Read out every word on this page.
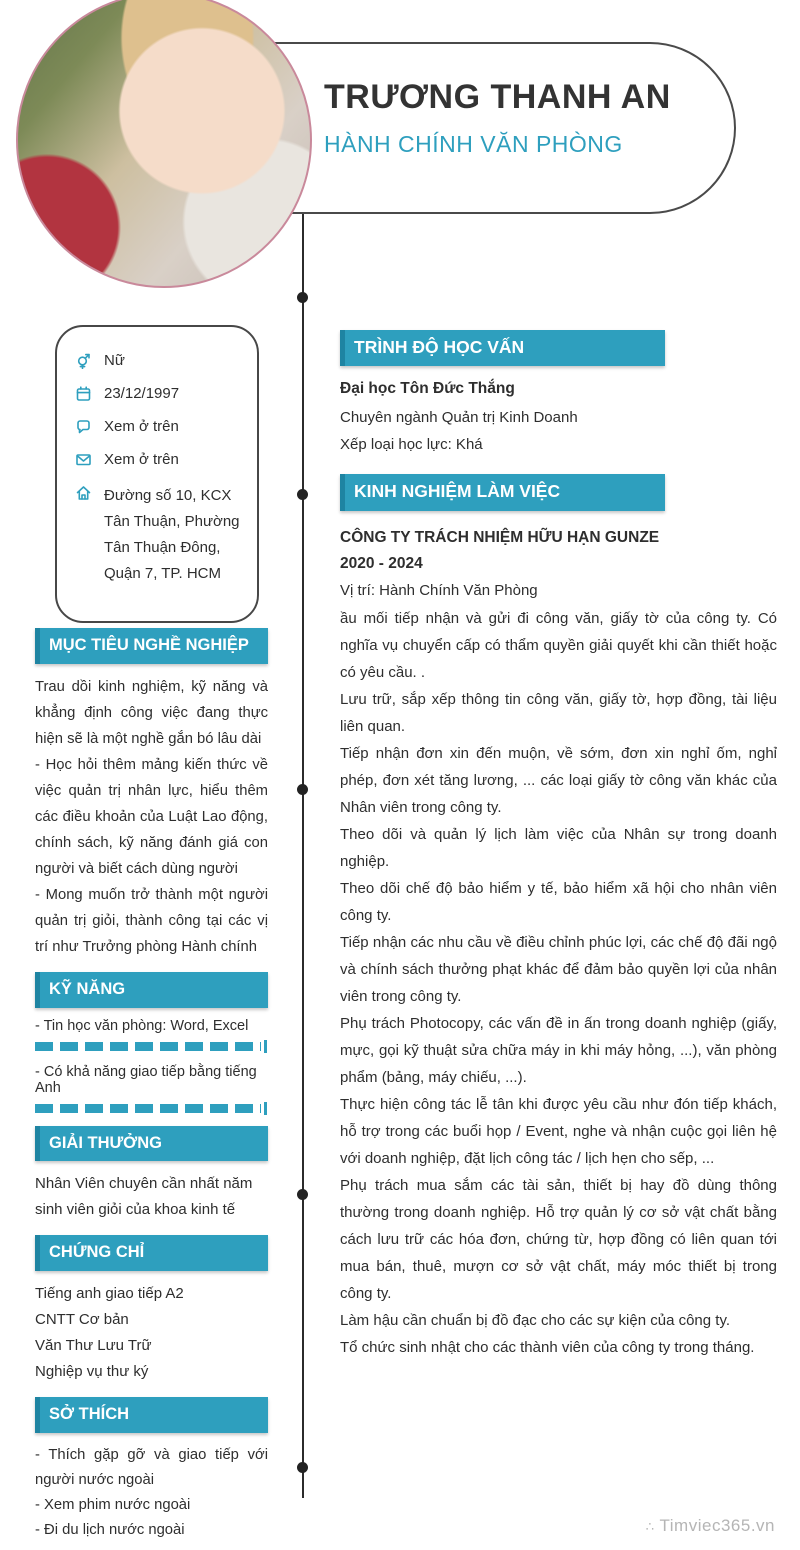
TRƯƠNG THANH AN
HÀNH CHÍNH VĂN PHÒNG
Nữ
23/12/1997
Xem ở trên
Xem ở trên
Đường số 10, KCX Tân Thuận, Phường Tân Thuận Đông, Quận 7, TP. HCM
MỤC TIÊU NGHỀ NGHIỆP
Trau dồi kinh nghiệm, kỹ năng và khẳng định công việc đang thực hiện sẽ là một nghề gắn bó lâu dài
- Học hỏi thêm mảng kiến thức về việc quản trị nhân lực, hiểu thêm các điều khoản của Luật Lao động, chính sách, kỹ năng đánh giá con người và biết cách dùng người
- Mong muốn trở thành một người quản trị giỏi, thành công tại các vị trí như Trưởng phòng Hành chính
KỸ NĂNG
- Tin học văn phòng: Word, Excel
- Có khả năng giao tiếp bằng tiếng Anh
GIẢI THƯỞNG
Nhân Viên chuyên cần nhất năm
sinh viên giỏi của khoa kinh tế
CHỨNG CHỈ
Tiếng anh giao tiếp A2
CNTT Cơ bản
Văn Thư Lưu Trữ
Nghiệp vụ thư ký
SỞ THÍCH
- Thích gặp gỡ và giao tiếp với người nước ngoài
- Xem phim nước ngoài
- Đi du lịch nước ngoài
TRÌNH ĐỘ HỌC VẤN
Đại học Tôn Đức Thắng
Chuyên ngành Quản trị Kinh Doanh
Xếp loại học lực: Khá
KINH NGHIỆM LÀM VIỆC
CÔNG TY TRÁCH NHIỆM HỮU HẠN GUNZE
2020 - 2024
Vị trí: Hành Chính Văn Phòng
ầu mối tiếp nhận và gửi đi công văn, giấy tờ của công ty. Có nghĩa vụ chuyển cấp có thẩm quyền giải quyết khi cần thiết hoặc có yêu cầu. .
Lưu trữ, sắp xếp thông tin công văn, giấy tờ, hợp đồng, tài liệu liên quan.
Tiếp nhận đơn xin đến muộn, về sớm, đơn xin nghỉ ốm, nghỉ phép, đơn xét tăng lương, ... các loại giấy tờ công văn khác của Nhân viên trong công ty.
Theo dõi và quản lý lịch làm việc của Nhân sự trong doanh nghiệp.
Theo dõi chế độ bảo hiểm y tế, bảo hiểm xã hội cho nhân viên công ty.
Tiếp nhận các nhu cầu về điều chỉnh phúc lợi, các chế độ đãi ngộ và chính sách thưởng phạt khác để đảm bảo quyền lợi của nhân viên trong công ty.
Phụ trách Photocopy, các vấn đề in ấn trong doanh nghiệp (giấy, mực, gọi kỹ thuật sửa chữa máy in khi máy hỏng, ...), văn phòng phẩm (bảng, máy chiếu, ...).
Thực hiện công tác lễ tân khi được yêu cầu như đón tiếp khách, hỗ trợ trong các buổi họp / Event, nghe và nhận cuộc gọi liên hệ với doanh nghiệp, đặt lịch công tác / lịch hẹn cho sếp, ...
Phụ trách mua sắm các tài sản, thiết bị hay đồ dùng thông thường trong doanh nghiệp. Hỗ trợ quản lý cơ sở vật chất bằng cách lưu trữ các hóa đơn, chứng từ, hợp đồng có liên quan tới mua bán, thuê, mượn cơ sở vật chất, máy móc thiết bị trong công ty.
Làm hậu cần chuẩn bị đồ đạc cho các sự kiện của công ty.
Tổ chức sinh nhật cho các thành viên của công ty trong tháng.
∴ Timviec365.vn
